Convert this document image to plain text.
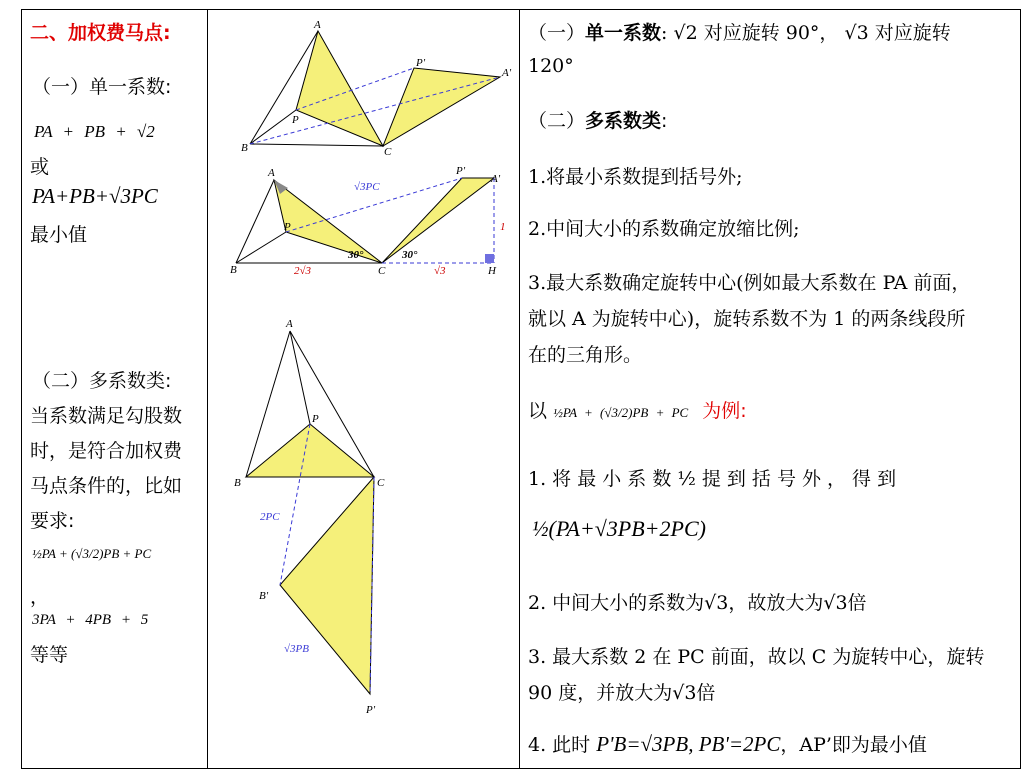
二、加权费马点:
（一）单一系数:
PA + PB + √2
或
PA+PB+√3PC
最小值
（二）多系数类:
当系数满足勾股数
时，是符合加权费
马点条件的，比如
要求:
½PA + (√3/2)PB + PC
，
3PA + 4PB + 5
等等
A
B	C
P
P'
A'
A
B	C
P
P'
A'
H
√3PC
1
30°	30°
2√3	√3
A
B	C
P
B'
P'
2PC
√3PB
（一）单一系数: √2 对应旋转 90°， √3 对应旋转
120°
（二）多系数类:
1.将最小系数提到括号外;
2.中间大小的系数确定放缩比例;
3.最大系数确定旋转中心(例如最大系数在 PA 前面，
就以 A 为旋转中心)，旋转系数不为 1 的两条线段所
在的三角形。
以 ½PA + (√3/2)PB + PC 为例:
1. 将 最 小 系 数 ½ 提 到 括 号 外 ， 得 到
½(PA+√3PB+2PC)
2. 中间大小的系数为√3，故放大为√3倍
3. 最大系数 2 在 PC 前面，故以 C 为旋转中心，旋转
90 度，并放大为√3倍
4. 此时 P'B=√3PB, PB'=2PC，AP’即为最小值
